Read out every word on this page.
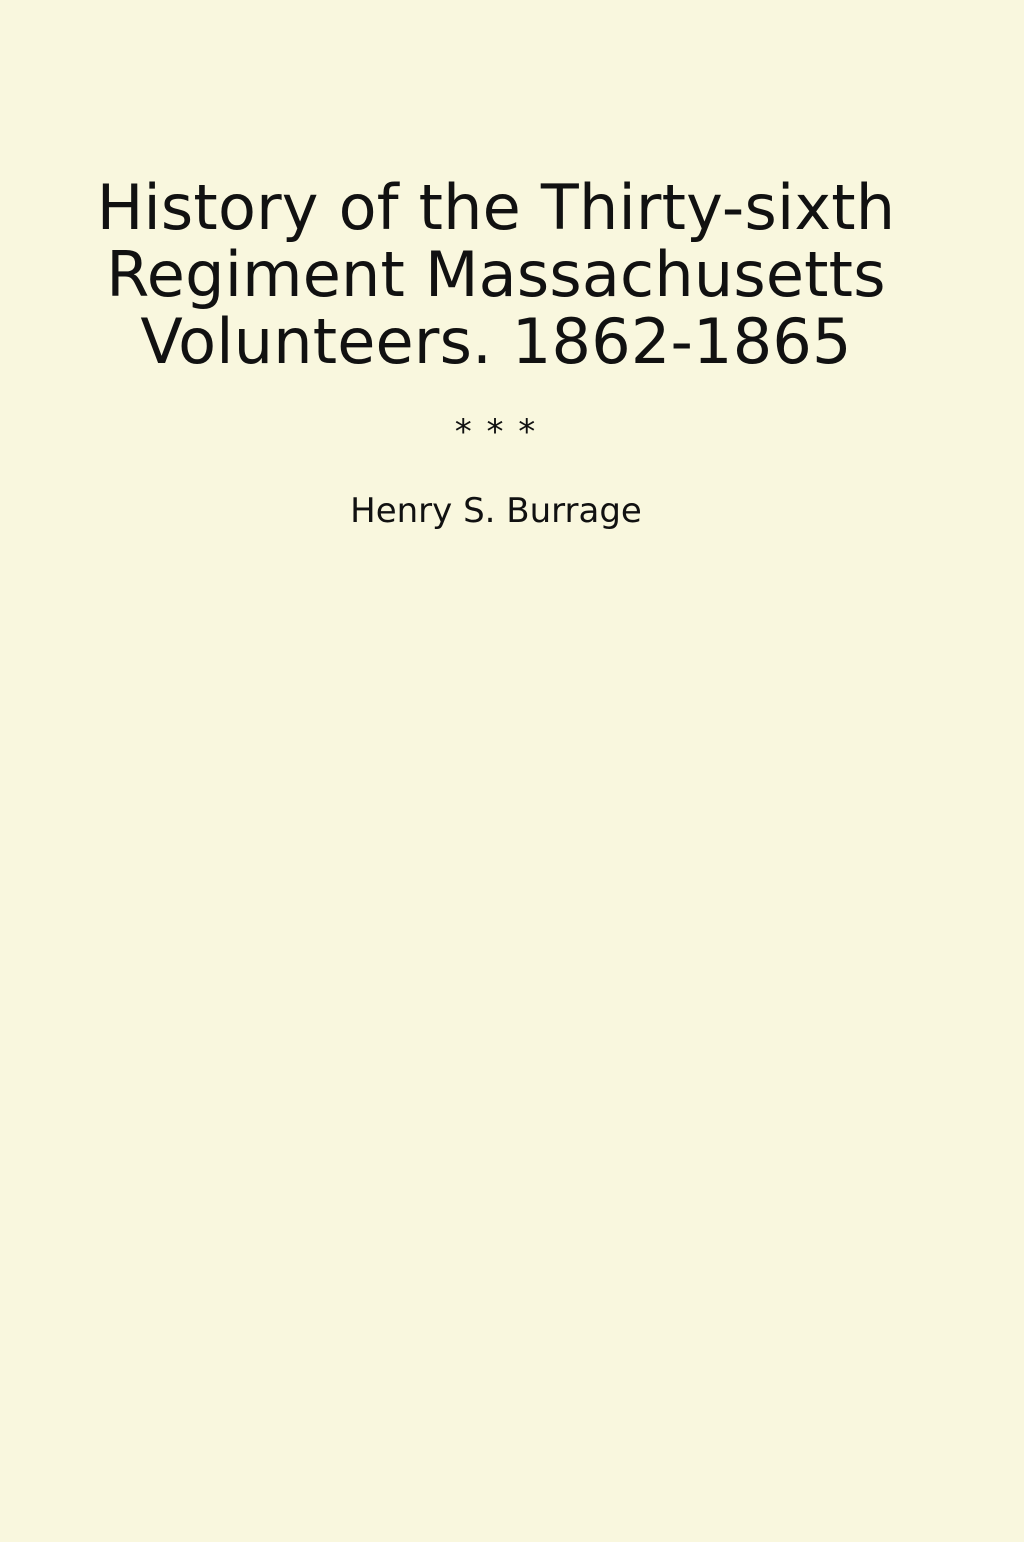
History of the Thirty-sixth
Regiment Massachusetts
Volunteers. 1862-1865
* * *
Henry S. Burrage
